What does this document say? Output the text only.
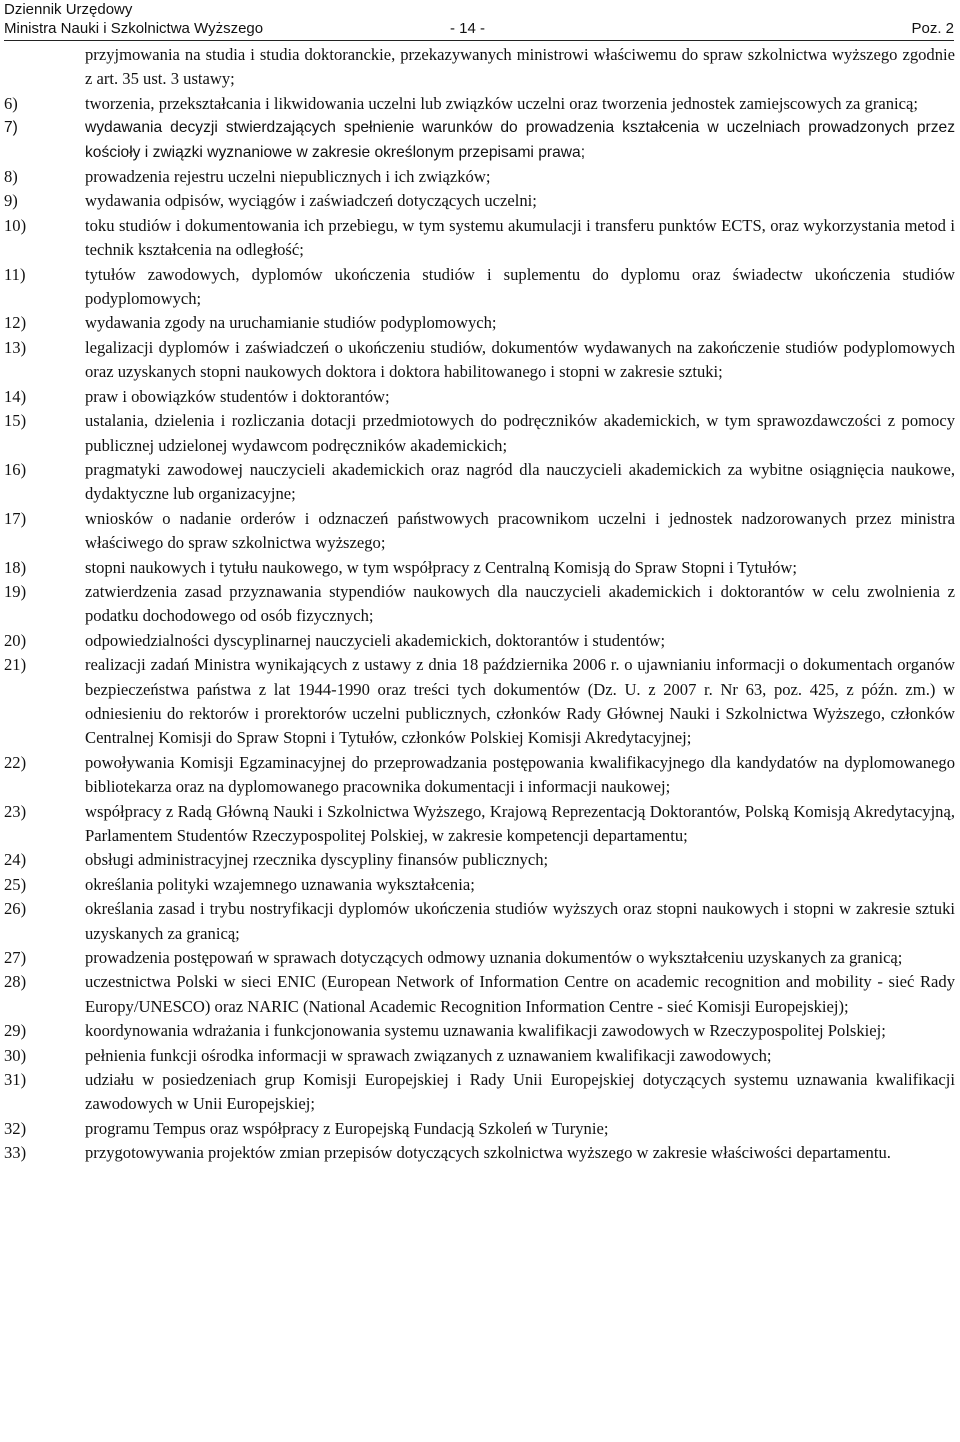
Dziennik Urzędowy
Ministra Nauki i Szkolnictwa Wyższego	- 14 -	Poz. 2
przyjmowania na studia i studia doktoranckie, przekazywanych ministrowi właściwemu do spraw szkolnictwa wyższego zgodnie z art. 35 ust. 3 ustawy;
6)	tworzenia, przekształcania i likwidowania uczelni lub związków uczelni oraz tworzenia jednostek zamiejscowych za granicą;
7)	wydawania decyzji stwierdzających spełnienie warunków do prowadzenia kształcenia w uczelniach prowadzonych przez kościoły i związki wyznaniowe w zakresie określonym przepisami prawa;
8)	prowadzenia rejestru uczelni niepublicznych i ich związków;
9)	wydawania odpisów, wyciągów i zaświadczeń dotyczących uczelni;
10)	toku studiów i dokumentowania ich przebiegu, w tym systemu akumulacji i transferu punktów ECTS, oraz wykorzystania metod i technik kształcenia na odległość;
11)	tytułów zawodowych, dyplomów ukończenia studiów i suplementu do dyplomu oraz świadectw ukończenia studiów podyplomowych;
12)	wydawania zgody na uruchamianie studiów podyplomowych;
13)	legalizacji dyplomów i zaświadczeń o ukończeniu studiów, dokumentów wydawanych na zakończenie studiów podyplomowych oraz uzyskanych stopni naukowych doktora i doktora habilitowanego i stopni w zakresie sztuki;
14)	praw i obowiązków studentów i doktorantów;
15)	ustalania, dzielenia i rozliczania dotacji przedmiotowych do podręczników akademickich, w tym sprawozdawczości z pomocy publicznej udzielonej wydawcom podręczników akademickich;
16)	pragmatyki zawodowej nauczycieli akademickich oraz nagród dla nauczycieli akademickich za wybitne osiągnięcia naukowe, dydaktyczne lub organizacyjne;
17)	wniosków o nadanie orderów i odznaczeń państwowych pracownikom uczelni i jednostek nadzorowanych przez ministra właściwego do spraw szkolnictwa wyższego;
18)	stopni naukowych i tytułu naukowego, w tym współpracy z Centralną Komisją do Spraw Stopni i Tytułów;
19)	zatwierdzenia zasad przyznawania stypendiów naukowych dla nauczycieli akademickich i doktorantów w celu zwolnienia z podatku dochodowego od osób fizycznych;
20)	odpowiedzialności dyscyplinarnej nauczycieli akademickich, doktorantów i studentów;
21)	realizacji zadań Ministra wynikających z ustawy z dnia 18 października 2006 r. o ujawnianiu informacji o dokumentach organów bezpieczeństwa państwa z lat 1944-1990 oraz treści tych dokumentów (Dz. U. z 2007 r. Nr 63, poz. 425, z późn. zm.) w odniesieniu do rektorów i prorektorów uczelni publicznych, członków Rady Głównej Nauki i Szkolnictwa Wyższego, członków Centralnej Komisji do Spraw Stopni i Tytułów, członków Polskiej Komisji Akredytacyjnej;
22)	powoływania Komisji Egzaminacyjnej do przeprowadzania postępowania kwalifikacyjnego dla kandydatów na dyplomowanego bibliotekarza oraz na dyplomowanego pracownika dokumentacji i informacji naukowej;
23)	współpracy z Radą Główną Nauki i Szkolnictwa Wyższego, Krajową Reprezentacją Doktorantów, Polską Komisją Akredytacyjną, Parlamentem Studentów Rzeczypospolitej Polskiej, w zakresie kompetencji departamentu;
24)	obsługi administracyjnej rzecznika dyscypliny finansów publicznych;
25)	określania polityki wzajemnego uznawania wykształcenia;
26)	określania zasad i trybu nostryfikacji dyplomów ukończenia studiów wyższych oraz stopni naukowych i stopni w zakresie sztuki uzyskanych za granicą;
27)	prowadzenia postępowań w sprawach dotyczących odmowy uznania dokumentów o wykształceniu uzyskanych za granicą;
28)	uczestnictwa Polski w sieci ENIC (European Network of Information Centre on academic recognition and mobility - sieć Rady Europy/UNESCO) oraz NARIC (National Academic Recognition Information Centre - sieć Komisji Europejskiej);
29)	koordynowania wdrażania i funkcjonowania systemu uznawania kwalifikacji zawodowych w Rzeczypospolitej Polskiej;
30)	pełnienia funkcji ośrodka informacji w sprawach związanych z uznawaniem kwalifikacji zawodowych;
31)	udziału w posiedzeniach grup Komisji Europejskiej i Rady Unii Europejskiej dotyczących systemu uznawania kwalifikacji zawodowych w Unii Europejskiej;
32)	programu Tempus oraz współpracy z Europejską Fundacją Szkoleń w Turynie;
33)	przygotowywania projektów zmian przepisów dotyczących szkolnictwa wyższego w zakresie właściwości departamentu.
